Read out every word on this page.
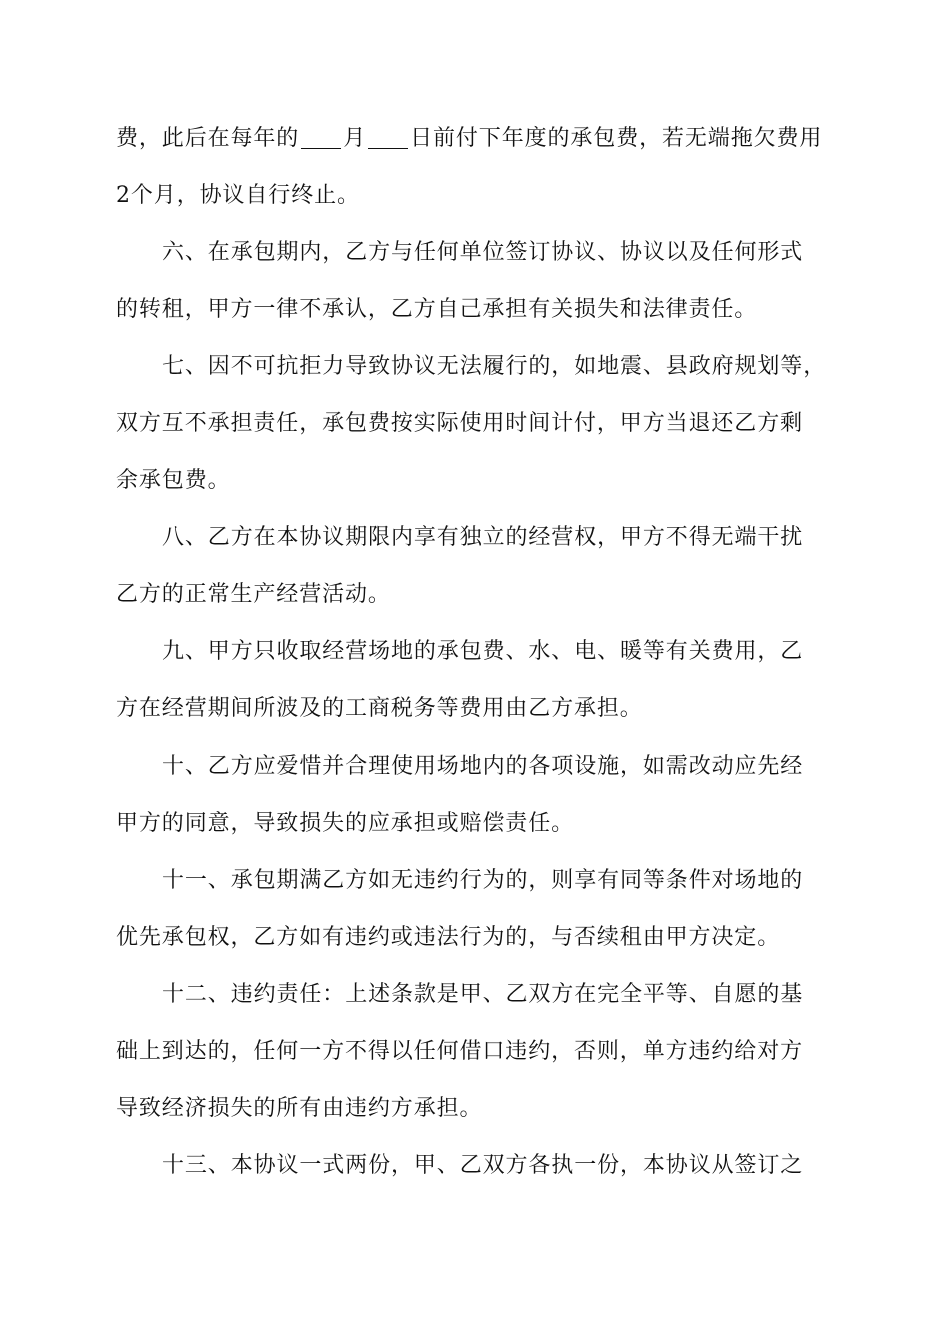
费，此后在每年的 月 日前付下年度的承包费，若无端拖欠费用
2个月，协议自行终止。
六、在承包期内，乙方与任何单位签订协议、协议以及任何形式
的转租，甲方一律不承认，乙方自己承担有关损失和法律责任。
七、因不可抗拒力导致协议无法履行的，如地震、县政府规划等，
双方互不承担责任，承包费按实际使用时间计付，甲方当退还乙方剩
余承包费。
八、乙方在本协议期限内享有独立的经营权，甲方不得无端干扰
乙方的正常生产经营活动。
九、甲方只收取经营场地的承包费、水、电、暖等有关费用，乙
方在经营期间所波及的工商税务等费用由乙方承担。
十、乙方应爱惜并合理使用场地内的各项设施，如需改动应先经
甲方的同意，导致损失的应承担或赔偿责任。
十一、承包期满乙方如无违约行为的，则享有同等条件对场地的
优先承包权，乙方如有违约或违法行为的，与否续租由甲方决定。
十二、违约责任：上述条款是甲、乙双方在完全平等、自愿的基
础上到达的，任何一方不得以任何借口违约，否则，单方违约给对方
导致经济损失的所有由违约方承担。
十三、本协议一式两份，甲、乙双方各执一份，本协议从签订之
